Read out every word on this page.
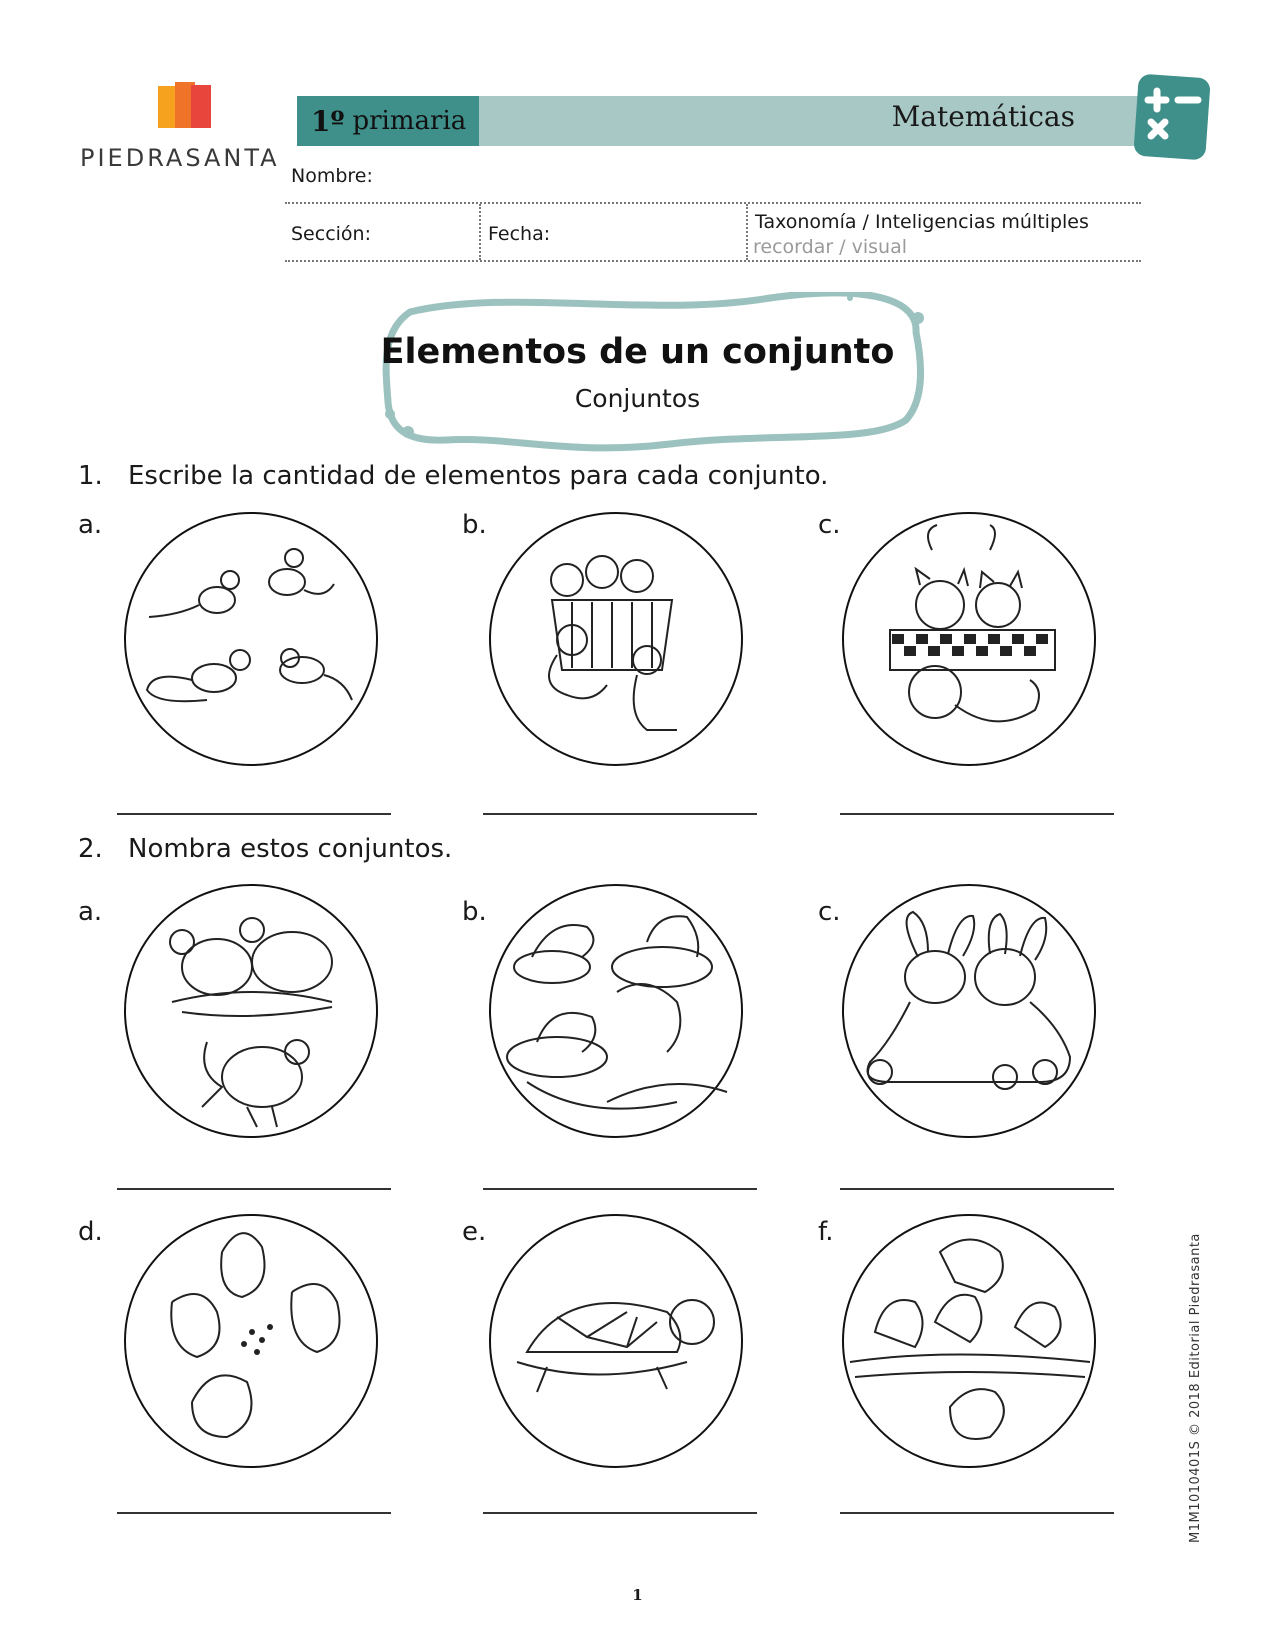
PIEDRASANTA
1º primaria	Matemáticas
Nombre:
Sección:	Fecha:
Taxonomía / Inteligencias múltiples
recordar / visual
Elementos de un conjunto
Conjuntos
1. Escribe la cantidad de elementos para cada conjunto.
a.	b.	c.
2. Nombra estos conjuntos.
a.	b.	c.
d.	e.	f.
1
M1M1010401S © 2018 Editorial Piedrasanta
